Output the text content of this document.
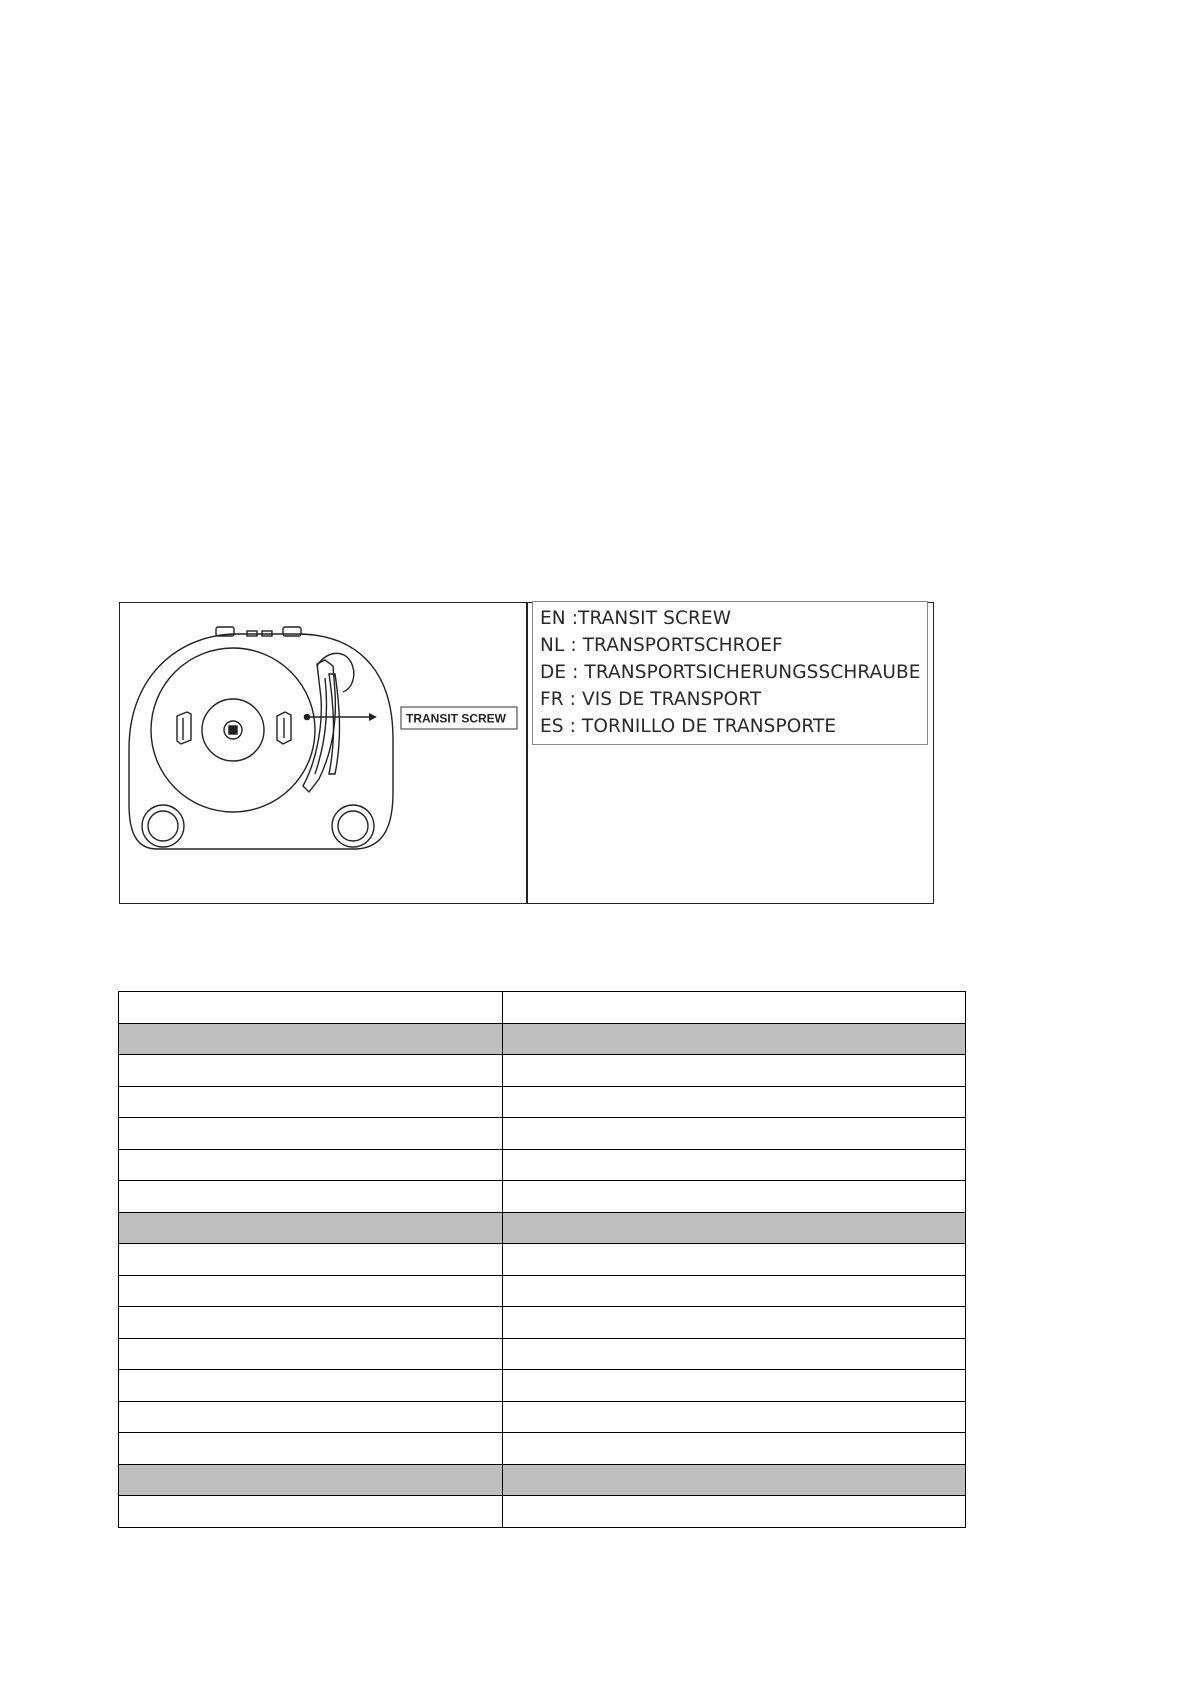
TRANSIT SCREW
EN :TRANSIT SCREW
NL : TRANSPORTSCHROEF
DE : TRANSPORTSICHERUNGSSCHRAUBE
FR : VIS DE TRANSPORT
ES : TORNILLO DE TRANSPORTE
